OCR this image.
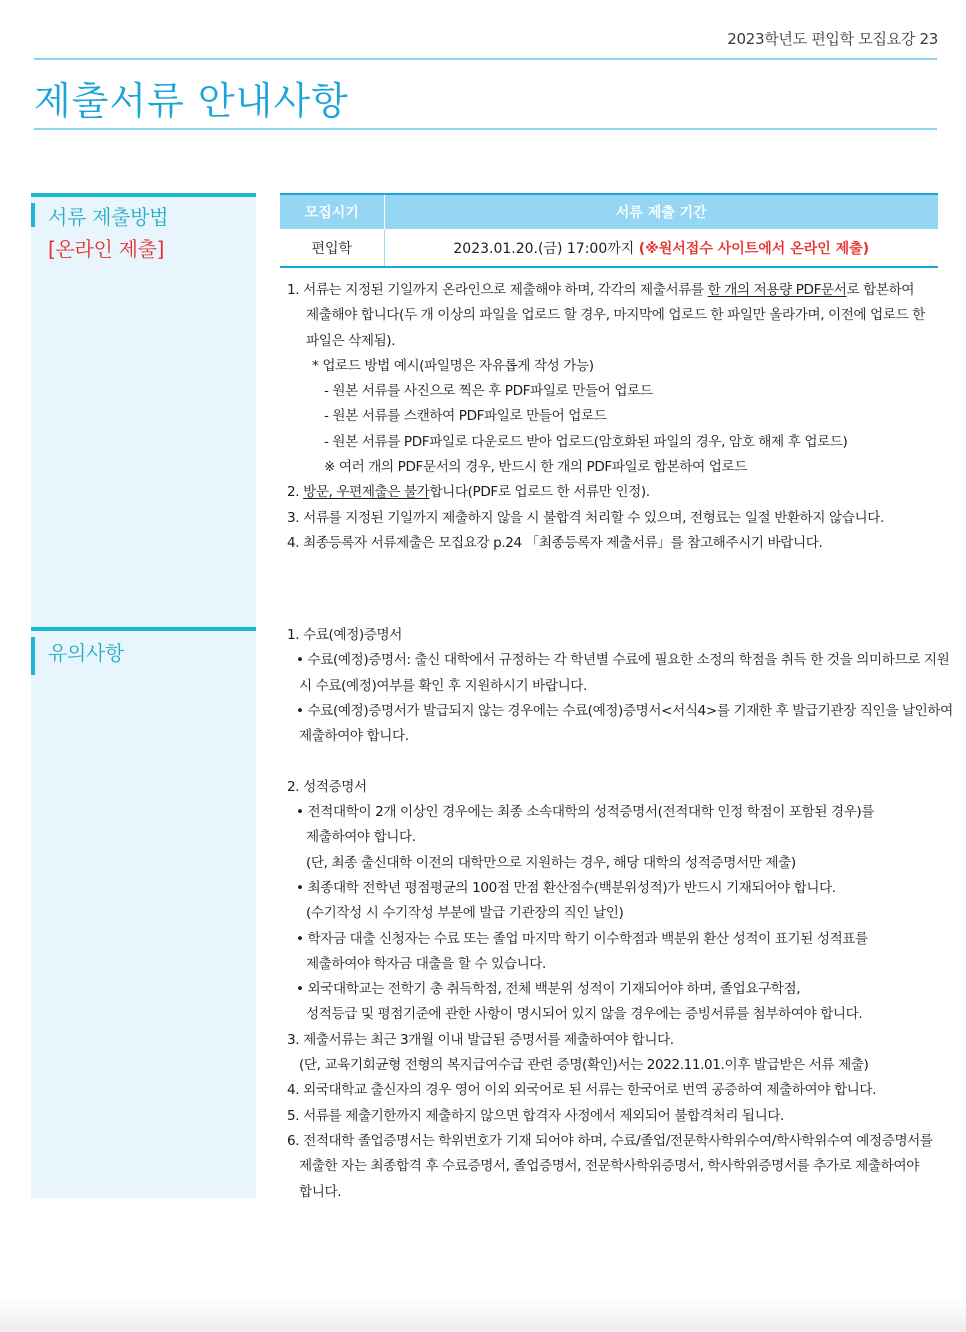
2023학년도 편입학 모집요강 23
제출서류 안내사항
서류 제출방법
[온라인 제출]
유의사항
모집시기	서류 제출 기간
편입학	2023.01.20.(금) 17:00까지 (※원서접수 사이트에서 온라인 제출)
1. 서류는 지정된 기일까지 온라인으로 제출해야 하며, 각각의 제출서류를 한 개의 저용량 PDF문서로 합본하여
제출해야 합니다(두 개 이상의 파일을 업로드 할 경우, 마지막에 업로드 한 파일만 올라가며, 이전에 업로드 한
파일은 삭제됨).
* 업로드 방법 예시(파일명은 자유롭게 작성 가능)
- 원본 서류를 사진으로 찍은 후 PDF파일로 만들어 업로드
- 원본 서류를 스캔하여 PDF파일로 만들어 업로드
- 원본 서류를 PDF파일로 다운로드 받아 업로드(암호화된 파일의 경우, 암호 해제 후 업로드)
※ 여러 개의 PDF문서의 경우, 반드시 한 개의 PDF파일로 합본하여 업로드
2. 방문, 우편제출은 불가합니다(PDF로 업로드 한 서류만 인정).
3. 서류를 지정된 기일까지 제출하지 않을 시 불합격 처리할 수 있으며, 전형료는 일절 반환하지 않습니다.
4. 최종등록자 서류제출은 모집요강 p.24 「최종등록자 제출서류」를 참고해주시기 바랍니다.
1. 수료(예정)증명서
• 수료(예정)증명서: 출신 대학에서 규정하는 각 학년별 수료에 필요한 소정의 학점을 취득 한 것을 의미하므로 지원
시 수료(예정)여부를 확인 후 지원하시기 바랍니다.
• 수료(예정)증명서가 발급되지 않는 경우에는 수료(예정)증명서<서식4>를 기재한 후 발급기관장 직인을 날인하여
제출하여야 합니다.
2. 성적증명서
• 전적대학이 2개 이상인 경우에는 최종 소속대학의 성적증명서(전적대학 인정 학점이 포함된 경우)를
제출하여야 합니다.
(단, 최종 출신대학 이전의 대학만으로 지원하는 경우, 해당 대학의 성적증명서만 제출)
• 최종대학 전학년 평점평균의 100점 만점 환산점수(백분위성적)가 반드시 기재되어야 합니다.
(수기작성 시 수기작성 부분에 발급 기관장의 직인 날인)
• 학자금 대출 신청자는 수료 또는 졸업 마지막 학기 이수학점과 백분위 환산 성적이 표기된 성적표를
제출하여야 학자금 대출을 할 수 있습니다.
• 외국대학교는 전학기 총 취득학점, 전체 백분위 성적이 기재되어야 하며, 졸업요구학점,
성적등급 및 평점기준에 관한 사항이 명시되어 있지 않을 경우에는 증빙서류를 첨부하여야 합니다.
3. 제출서류는 최근 3개월 이내 발급된 증명서를 제출하여야 합니다.
(단, 교육기회균형 전형의 복지급여수급 관련 증명(확인)서는 2022.11.01.이후 발급받은 서류 제출)
4. 외국대학교 출신자의 경우 영어 이외 외국어로 된 서류는 한국어로 번역 공증하여 제출하여야 합니다.
5. 서류를 제출기한까지 제출하지 않으면 합격자 사정에서 제외되어 불합격처리 됩니다.
6. 전적대학 졸업증명서는 학위번호가 기재 되어야 하며, 수료/졸업/전문학사학위수여/학사학위수여 예정증명서를
제출한 자는 최종합격 후 수료증명서, 졸업증명서, 전문학사학위증명서, 학사학위증명서를 추가로 제출하여야
합니다.
